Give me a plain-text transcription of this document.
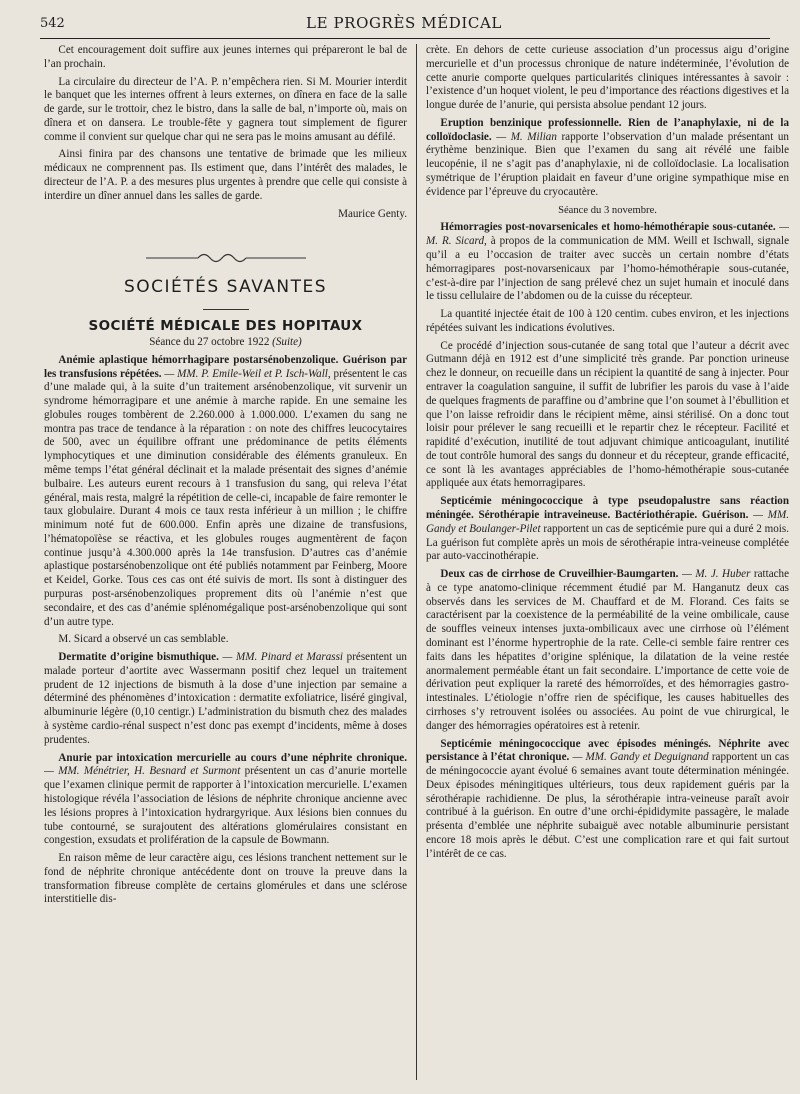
542	LE PROGRÈS MÉDICAL

Cet encouragement doit suffire aux jeunes internes qui prépareront le bal de l’an prochain.

La circulaire du directeur de l’A. P. n’empêchera rien. Si M. Mourier interdit le banquet que les internes offrent à leurs externes, on dînera en face de la salle de garde, sur le trottoir, chez le bistro, dans la salle de bal, n’importe où, mais on dînera et on dansera. Le trouble-fête y gagnera tout simplement de figurer comme il convient sur quelque char qui ne sera pas le moins amusant au défilé.

Ainsi finira par des chansons une tentative de brimade que les milieux médicaux ne comprennent pas. Ils estiment que, dans l’intérêt des malades, le directeur de l’A. P. a des mesures plus urgentes à prendre que celle qui consiste à interdire un dîner annuel dans les salles de garde.

Maurice Genty.

SOCIÉTÉS SAVANTES
SOCIÉTÉ MÉDICALE DES HOPITAUX
Séance du 27 octobre 1922 (Suite)

Anémie aplastique hémorrhagipare postarsénobenzolique. Guérison par les transfusions répétées. — MM. P. Emile-Weil et P. Isch-Wall, présentent le cas d’une malade qui, à la suite d’un traitement arsénobenzolique, vit survenir un syndrome hémorragipare et une anémie à marche rapide. En une semaine les globules rouges tombèrent de 2.260.000 à 1.000.000. L’examen du sang ne montra pas trace de tendance à la réparation : on note des chiffres leucocytaires de 500, avec un équilibre offrant une prédominance de petits éléments lymphocytiques et une diminution considérable des éléments granuleux. En même temps l’état général déclinait et la malade présentait des signes d’anémie bulbaire. Les auteurs eurent recours à 1 transfusion du sang, qui releva l’état général, mais resta, malgré la répétition de celle-ci, incapable de faire remonter le taux globulaire. Durant 4 mois ce taux resta inférieur à un million ; le chiffre minimum noté fut de 600.000. Enfin après une dizaine de transfusions, l’hématopoïèse se réactiva, et les globules rouges augmentèrent de façon continue jusqu’à 4.300.000 après la 14e transfusion. D’autres cas d’anémie aplastique postarsénobenzolique ont été publiés notamment par Feinberg, Moore et Keidel, Gorke. Tous ces cas ont été suivis de mort. Ils sont à distinguer des purpuras post-arsénobenzoliques proprement dits où l’anémie n’est que secondaire, et des cas d’anémie splénomégalique post-arsénobenzolique qui sont d’un autre type.

M. Sicard a observé un cas semblable.

Dermatite d’origine bismuthique. — MM. Pinard et Marassi présentent un malade porteur d’aortite avec Wassermann positif chez lequel un traitement prudent de 12 injections de bismuth à la dose d’une injection par semaine a déterminé des phénomènes d’intoxication : dermatite exfoliatrice, liséré gingival, albuminurie légère (0,10 centigr.) L’administration du bismuth chez des malades à système cardio-rénal suspect n’est donc pas exempt d’incidents, même à doses prudentes.

Anurie par intoxication mercurielle au cours d’une néphrite chronique. — MM. Ménétrier, H. Besnard et Surmont présentent un cas d’anurie mortelle que l’examen clinique permit de rapporter à l’intoxication mercurielle. L’examen histologique révéla l’association de lésions de néphrite chronique ancienne avec les lésions propres à l’intoxication hydrargyrique. Aux lésions bien connues du tube contourné, se surajoutent des altérations glomérulaires consistant en congestion, exsudats et prolifération de la capsule de Bowmann.

En raison même de leur caractère aigu, ces lésions tranchent nettement sur le fond de néphrite chronique antécédente dont on trouve la preuve dans la transformation fibreuse complète de certains glomérules et dans une sclérose interstitielle dis-

crète. En dehors de cette curieuse association d’un processus aigu d’origine mercurielle et d’un processus chronique de nature indéterminée, l’évolution de cette anurie comporte quelques particularités cliniques intéressantes à savoir : l’existence d’un hoquet violent, le peu d’importance des réactions digestives et la longue durée de l’anurie, qui persista absolue pendant 12 jours.

Eruption benzinique professionnelle. Rien de l’anaphylaxie, ni de la colloïdoclasie. — M. Milian rapporte l’observation d’un malade présentant un érythème benzinique. Bien que l’examen du sang ait révélé une faible leucopénie, il ne s’agit pas d’anaphylaxie, ni de colloïdoclasie. La localisation symétrique de l’éruption plaidait en faveur d’une origine sympathique mise en évidence par l’épreuve du cryocautère.

Séance du 3 novembre.

Hémorragies post-novarsenicales et homo-hémothérapie sous-cutanée. — M. R. Sicard, à propos de la communication de MM. Weill et Ischwall, signale qu’il a eu l’occasion de traiter avec succès un certain nombre d’états hémorragipares post-novarsenicaux par l’homo-hémothérapie sous-cutanée, c’est-à-dire par l’injection de sang prélevé chez un sujet humain et inoculé dans le tissu cellulaire de l’abdomen ou de la cuisse du récepteur.

La quantité injectée était de 100 à 120 centim. cubes environ, et les injections répétées suivant les indications évolutives.

Ce procédé d’injection sous-cutanée de sang total que l’auteur a décrit avec Gutmann déjà en 1912 est d’une simplicité très grande. Par ponction urineuse chez le donneur, on recueille dans un récipient la quantité de sang à injecter. Pour entraver la coagulation sanguine, il suffit de lubrifier les parois du vase à l’aide de quelques fragments de paraffine ou d’ambrine que l’on soumet à l’ébullition et que l’on laisse refroidir dans le récipient même, ainsi stérilisé. On a donc tout loisir pour prélever le sang recueilli et le repartir chez le récepteur. Facilité et rapidité d’exécution, inutilité de tout adjuvant chimique anticoagulant, inutilité de tout contrôle humoral des sangs du donneur et du récepteur, grande efficacité, ce sont là les avantages appréciables de l’homo-hémothérapie sous-cutanée appliquée aux états hemorragipares.

Septicémie méningococcique à type pseudopalustre sans réaction méningée. Sérothérapie intraveineuse. Bactériothérapie. Guérison. — MM. Gandy et Boulanger-Pilet rapportent un cas de septicémie pure qui a duré 2 mois. La guérison fut complète après un mois de sérothérapie intra-veineuse complétée par auto-vaccinothérapie.

Deux cas de cirrhose de Cruveilhier-Baumgarten. — M. J. Huber rattache à ce type anatomo-clinique récemment étudié par M. Hanganutz deux cas observés dans les services de M. Chauffard et de M. Florand. Ces faits se caractérisent par la coexistence de la perméabilité de la veine ombilicale, cause de souffles veineux intenses juxta-ombilicaux avec une cirrhose où l’élément dominant est l’énorme hypertrophie de la rate. Celle-ci semble faire rentrer ces faits dans les hépatites d’origine splénique, la dilatation de la veine restée anormalement perméable étant un fait secondaire. L’importance de cette voie de dérivation peut expliquer la rareté des hémorroïdes, et des hémorragies gastro-intestinales. L’étiologie n’offre rien de spécifique, les causes habituelles des cirrhoses s’y retrouvent isolées ou associées. Au point de vue chirurgical, le danger des hémorragies opératoires est à retenir.

Septicémie méningococcique avec épisodes méningés. Néphrite avec persistance à l’état chronique. — MM. Gandy et Deguignand rapportent un cas de méningococcie ayant évolué 6 semaines avant toute détermination méningée. Deux épisodes méningitiques ultérieurs, tous deux rapidement guéris par la sérothérapie rachidienne. De plus, la sérothérapie intra-veineuse paraît avoir contribué à la guérison. En outre d’une orchi-épididymite passagère, le malade présenta d’emblée une néphrite subaiguë avec notable albuminurie persistant encore 18 mois après le début. C’est une complication rare et qui fait surtout l’intérêt de ce cas.
